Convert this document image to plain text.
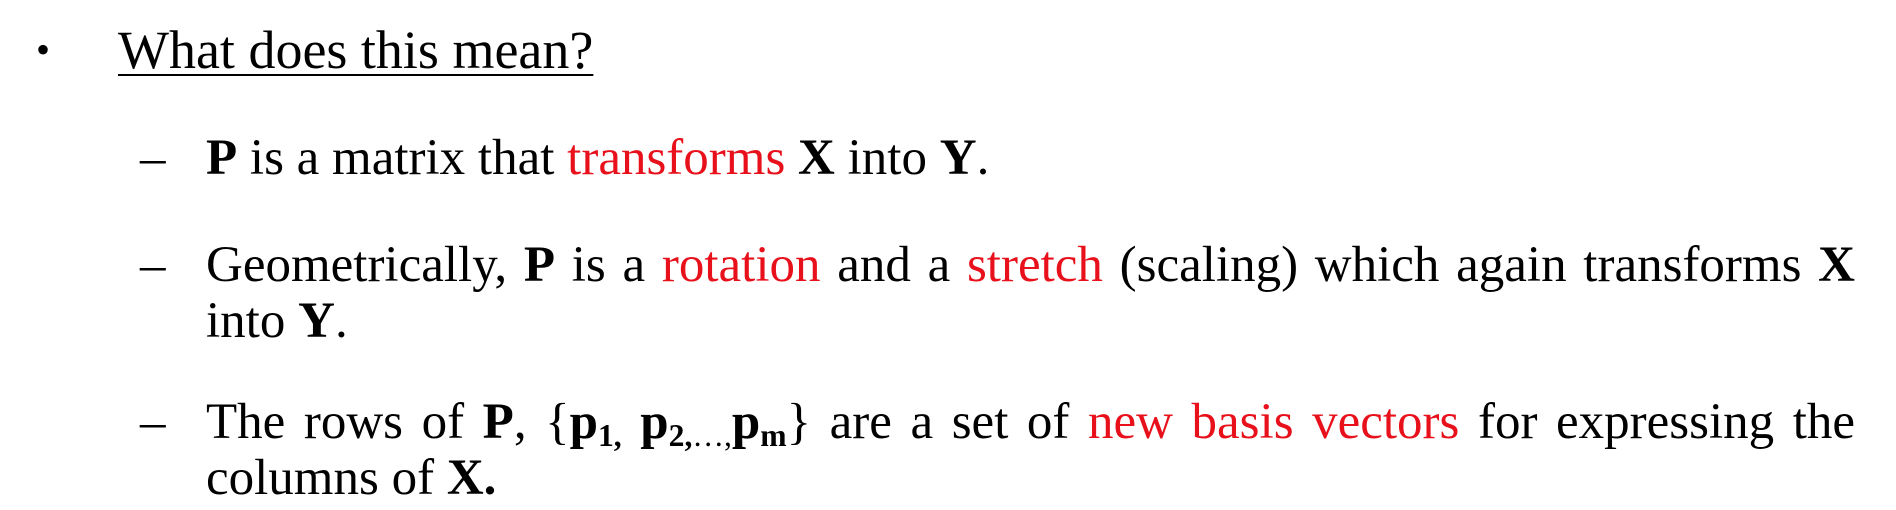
• What does this mean?
– P is a matrix that transforms X into Y.
– Geometrically, P is a rotation and a stretch (scaling) which again transforms X into Y.
– The rows of P, {$p_{1,}$ $p_{2,\dots,}p_m$} are a set of new basis vectors for expressing the columns of X.
